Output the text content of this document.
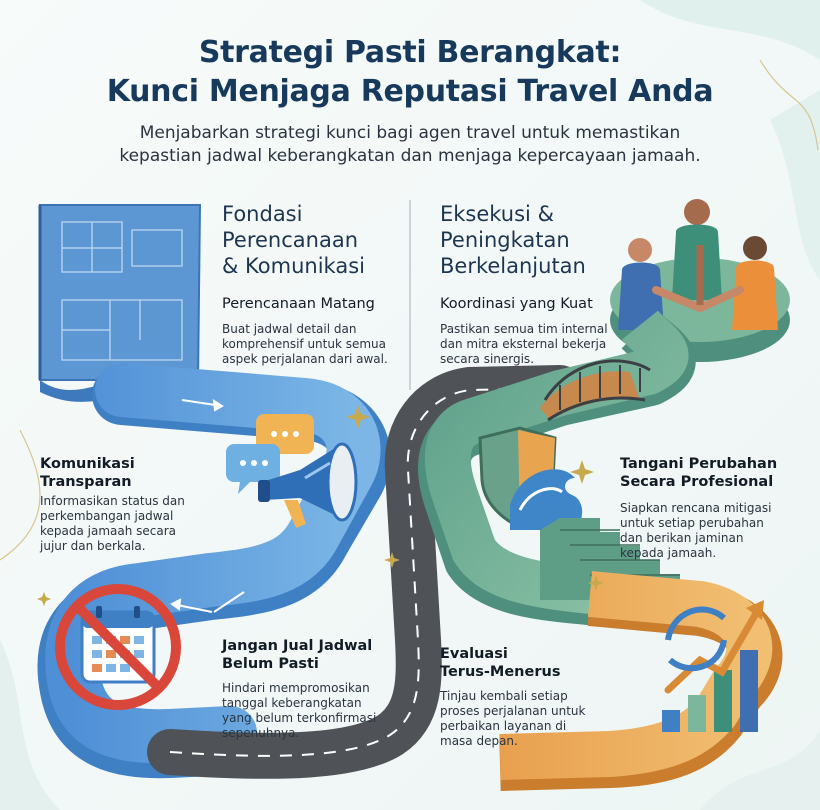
Strategi Pasti Berangkat:
Kunci Menjaga Reputasi Travel Anda
Menjabarkan strategi kunci bagi agen travel untuk memastikan
kepastian jadwal keberangkatan dan menjaga kepercayaan jamaah.
Fondasi
Perencanaan
& Komunikasi
Perencanaan Matang
Buat jadwal detail dan
komprehensif untuk semua
aspek perjalanan dari awal.
Komunikasi
Transparan
Informasikan status dan
perkembangan jadwal
kepada jamaah secara
jujur dan berkala.
Jangan Jual Jadwal
Belum Pasti
Hindari mempromosikan
tanggal keberangkatan
yang belum terkonfirmasi
sepenuhnya.
Eksekusi &
Peningkatan
Berkelanjutan
Koordinasi yang Kuat
Pastikan semua tim internal
dan mitra eksternal bekerja
secara sinergis.
Tangani Perubahan
Secara Profesional
Siapkan rencana mitigasi
untuk setiap perubahan
dan berikan jaminan
kepada jamaah.
Evaluasi
Terus-Menerus
Tinjau kembali setiap
proses perjalanan untuk
perbaikan layanan di
masa depan.
